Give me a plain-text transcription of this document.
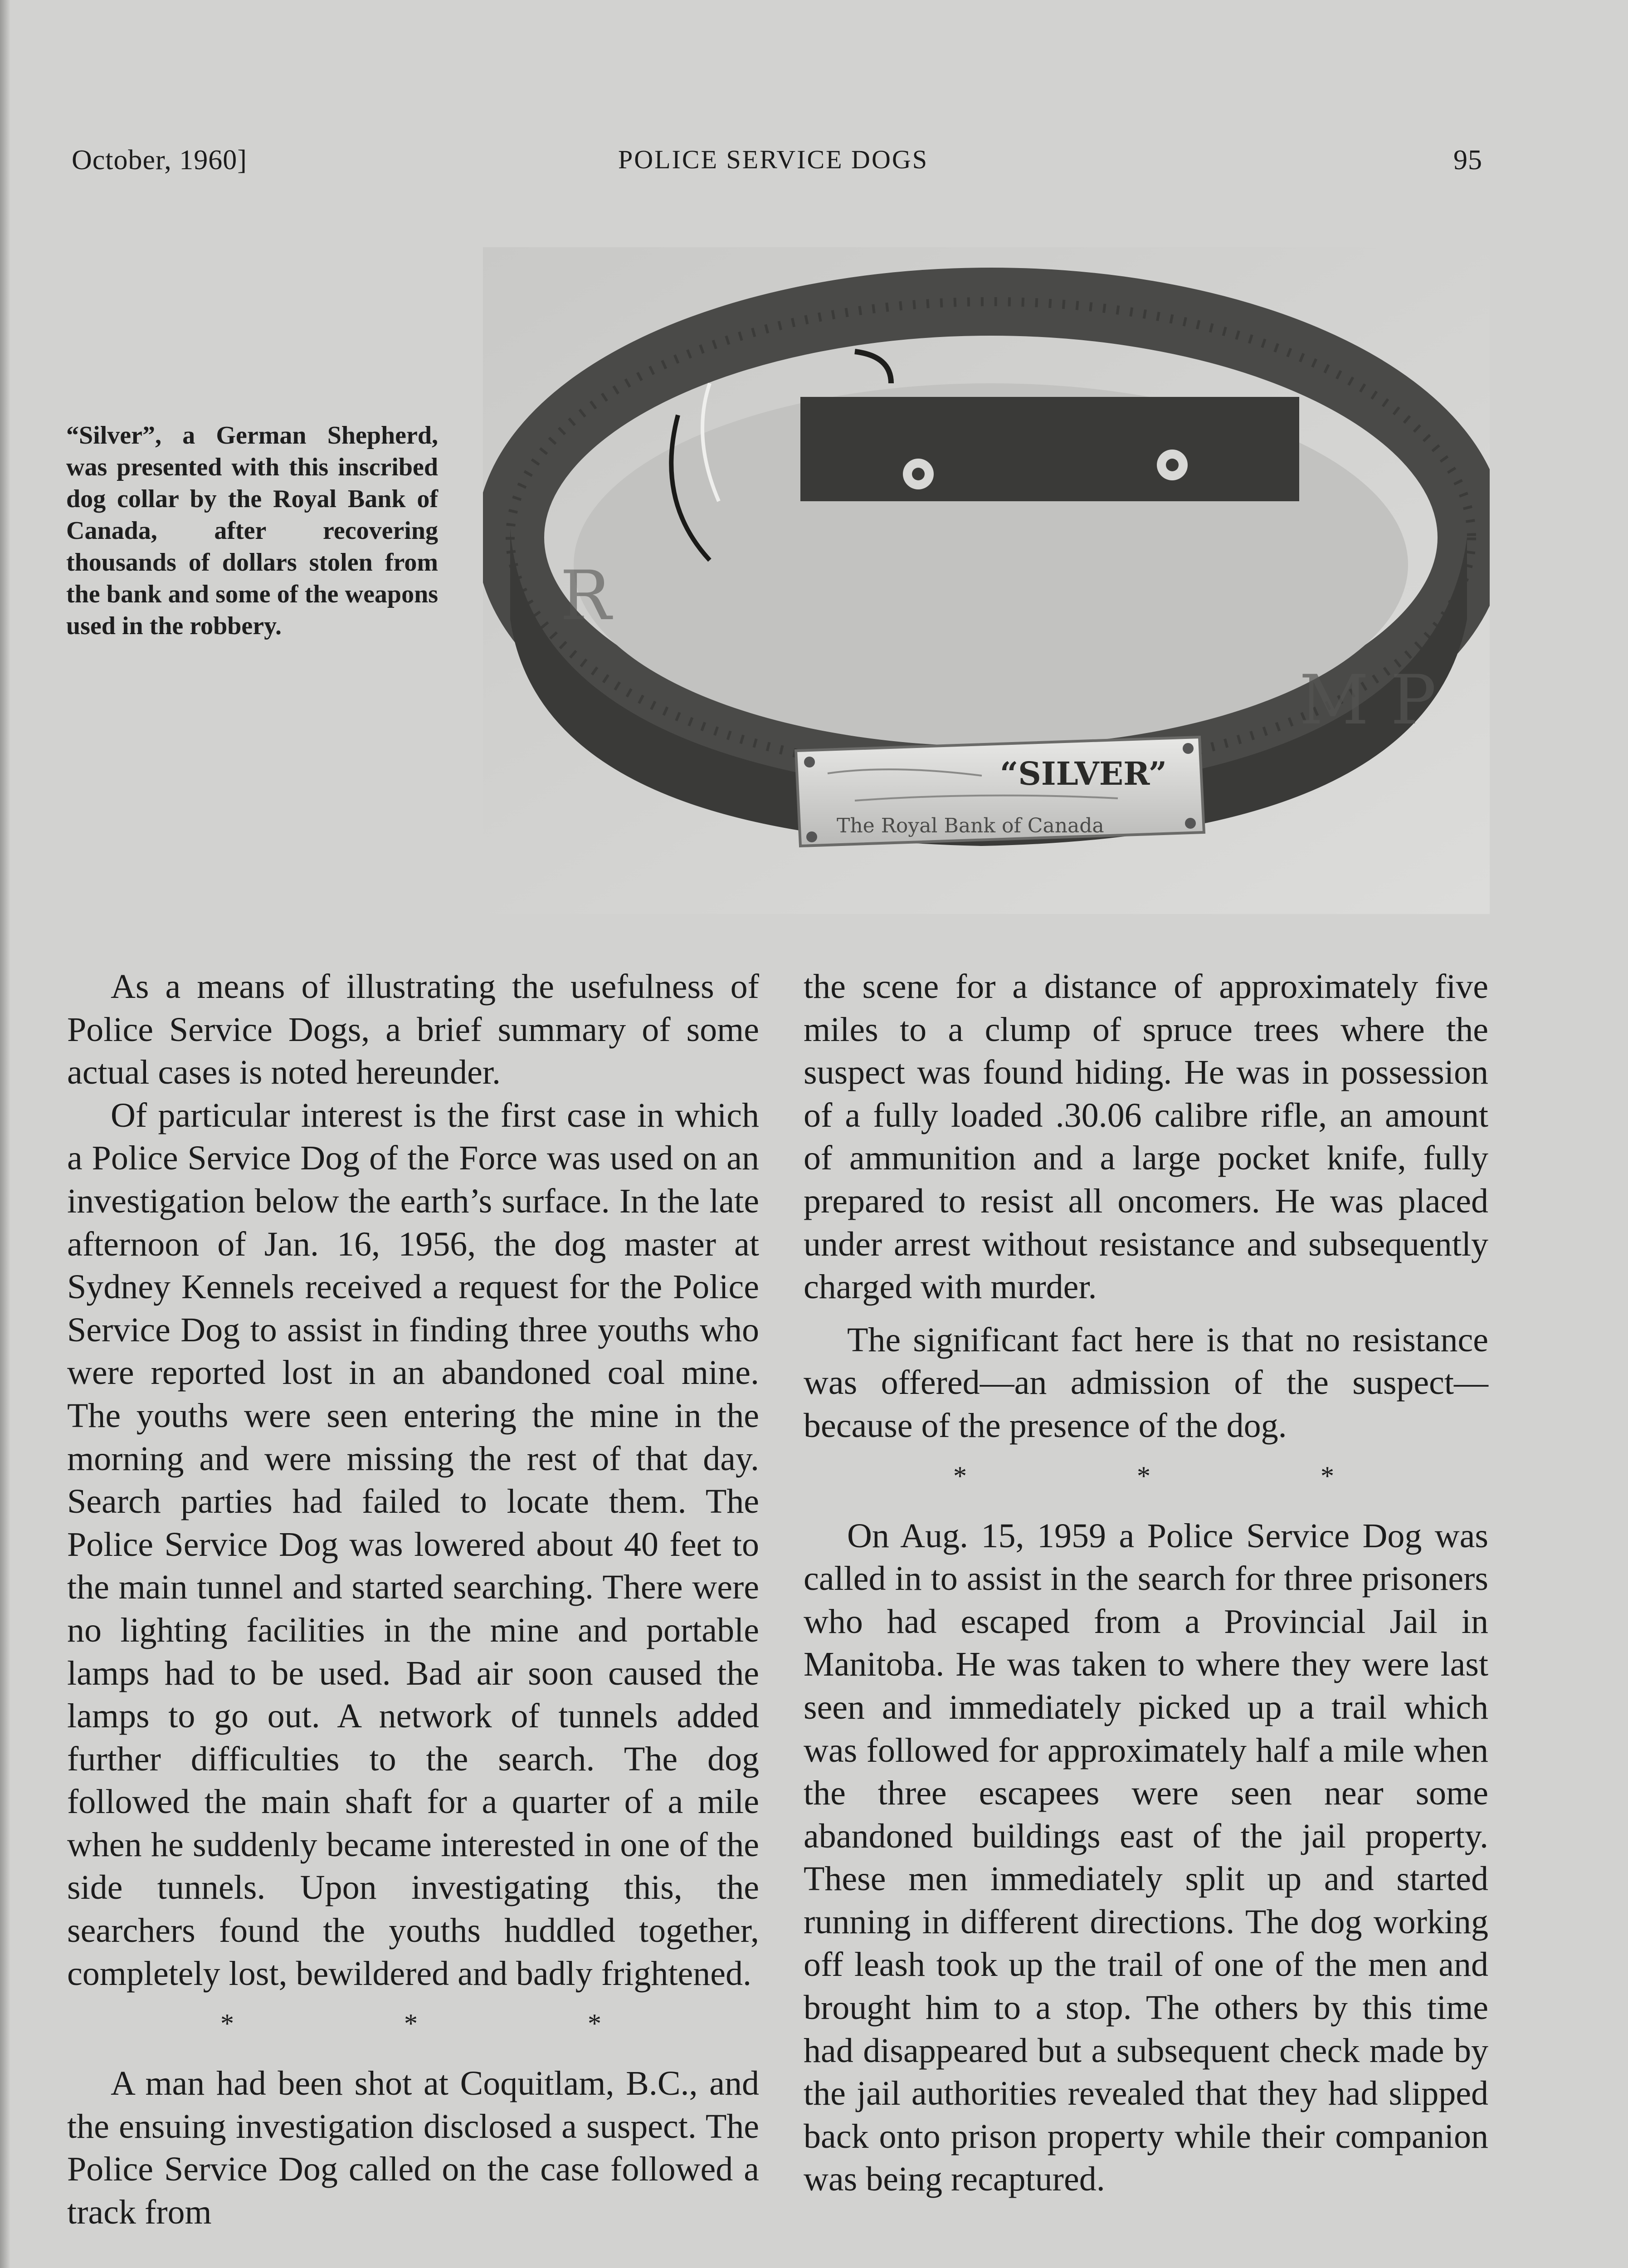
October, 1960]	POLICE SERVICE DOGS	95
“Silver”, a German Shepherd, was presented with this inscribed dog collar by the Royal Bank of Canada, after recovering thousands of dollars stolen from the bank and some of the weapons used in the robbery.
“SILVER”
The Royal Bank of Canada
M P
R

As a means of illustrating the usefulness of Police Service Dogs, a brief summary of some actual cases is noted hereunder.

Of particular interest is the first case in which a Police Service Dog of the Force was used on an investigation below the earth’s surface. In the late afternoon of Jan. 16, 1956, the dog master at Sydney Kennels received a request for the Police Service Dog to assist in finding three youths who were reported lost in an abandoned coal mine. The youths were seen entering the mine in the morning and were missing the rest of that day. Search parties had failed to locate them. The Police Service Dog was lowered about 40 feet to the main tunnel and started searching. There were no lighting facilities in the mine and portable lamps had to be used. Bad air soon caused the lamps to go out. A network of tunnels added further difficulties to the search. The dog followed the main shaft for a quarter of a mile when he suddenly became interested in one of the side tunnels. Upon investigating this, the searchers found the youths huddled together, completely lost, bewildered and badly frightened.

* * *

A man had been shot at Coquitlam, B.C., and the ensuing investigation disclosed a suspect. The Police Service Dog called on the case followed a track from

the scene for a distance of approximately five miles to a clump of spruce trees where the suspect was found hiding. He was in possession of a fully loaded .30.06 calibre rifle, an amount of ammunition and a large pocket knife, fully prepared to resist all oncomers. He was placed under arrest without resistance and subsequently charged with murder.

The significant fact here is that no resistance was offered—an admission of the suspect—because of the presence of the dog.

* * *

On Aug. 15, 1959 a Police Service Dog was called in to assist in the search for three prisoners who had escaped from a Provincial Jail in Manitoba. He was taken to where they were last seen and immediately picked up a trail which was followed for approximately half a mile when the three escapees were seen near some abandoned buildings east of the jail property. These men immediately split up and started running in different directions. The dog working off leash took up the trail of one of the men and brought him to a stop. The others by this time had disappeared but a subsequent check made by the jail authorities revealed that they had slipped back onto prison property while their companion was being recaptured.
